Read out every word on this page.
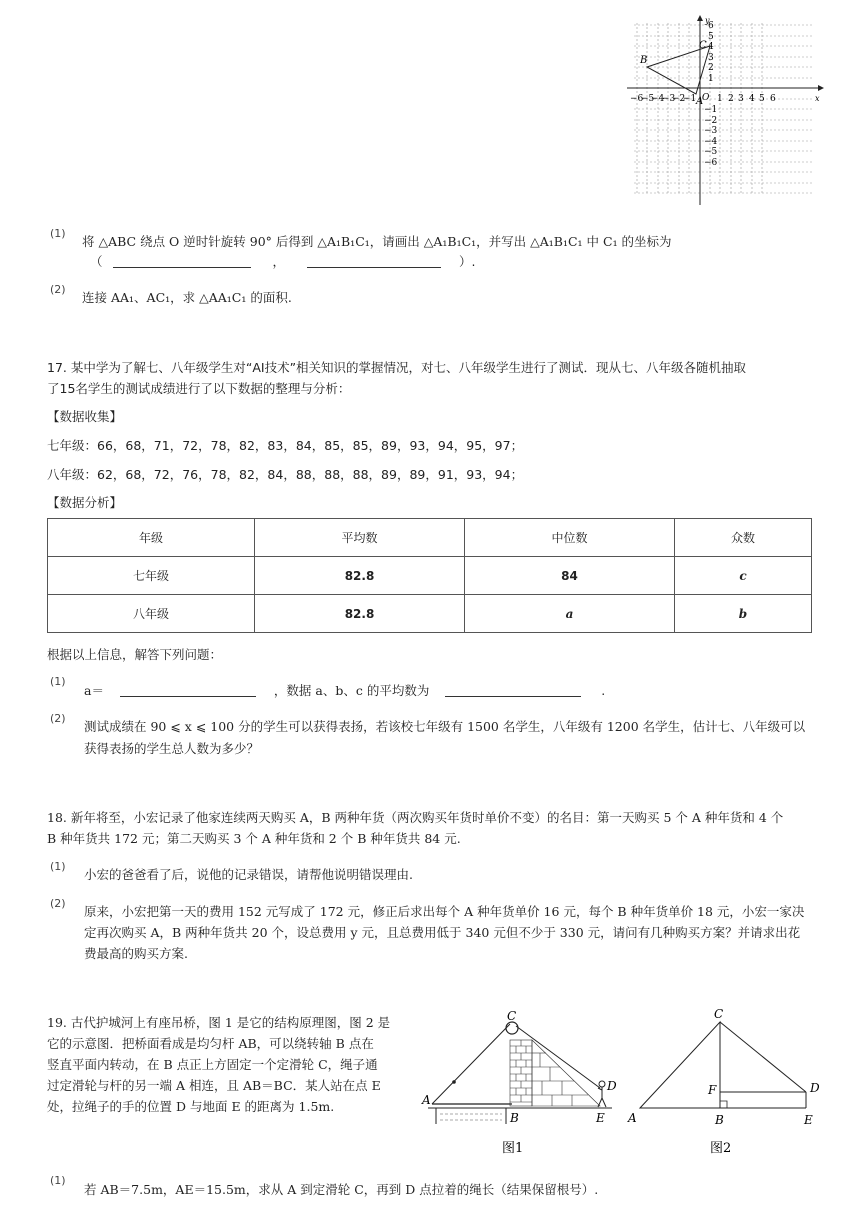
y
x
O
−6
−5
−4
−3
−2
−1 1 2 3 4 5 6
6
5
4
3
2
1
−1
−2
−3
−4
−5
−6
B
C
A
(1)
将 △ABC 绕点 O 逆时针旋转 90° 后得到 △A₁B₁C₁，请画出 △A₁B₁C₁，并写出 △A₁B₁C₁ 中 C₁ 的坐标为
（	，	）.
(2)
连接 AA₁、AC₁，求 △AA₁C₁ 的面积.
17. 某中学为了解七、八年级学生对“AI技术”相关知识的掌握情况，对七、八年级学生进行了测试．现从七、八年级各随机抽取
了15名学生的测试成绩进行了以下数据的整理与分析：
【数据收集】
七年级：66，68，71，72，78，82，83，84，85，85，89，93，94，95，97；
八年级：62，68，72，76，78，82，84，88，88，88，89，89，91，93，94；
【数据分析】
年级	平均数	中位数	众数
七年级	82.8	84	c
八年级	82.8	a	b
根据以上信息，解答下列问题：
(1)
a＝	，数据 a、b、c 的平均数为	.
(2)
测试成绩在 90 ⩽ x ⩽ 100 分的学生可以获得表扬，若该校七年级有 1500 名学生，八年级有 1200 名学生，估计七、八年级可以
获得表扬的学生总人数为多少？
18. 新年将至，小宏记录了他家连续两天购买 A，B 两种年货（两次购买年货时单价不变）的名目：第一天购买 5 个 A 种年货和 4 个
B 种年货共 172 元；第二天购买 3 个 A 种年货和 2 个 B 种年货共 84 元.
(1)
小宏的爸爸看了后，说他的记录错误，请帮他说明错误理由.
(2)
原来，小宏把第一天的费用 152 元写成了 172 元，修正后求出每个 A 种年货单价 16 元，每个 B 种年货单价 18 元，小宏一家决
定再次购买 A，B 两种年货共 20 个，设总费用 y 元，且总费用低于 340 元但不少于 330 元，请问有几种购买方案？并请求出花
费最高的购买方案.
19. 古代护城河上有座吊桥，图 1 是它的结构原理图，图 2 是
它的示意图．把桥面看成是均匀杆 AB，可以绕转轴 B 点在
竖直平面内转动，在 B 点正上方固定一个定滑轮 C，绳子通
过定滑轮与杆的另一端 A 相连，且 AB＝BC．某人站在点 E
处，拉绳子的手的位置 D 与地面 E 的距离为 1.5m.
C
A
B
D
E
图1
C
F	D
A	B	E
图2
(1)
若 AB＝7.5m，AE＝15.5m，求从 A 到定滑轮 C，再到 D 点拉着的绳长（结果保留根号）.
